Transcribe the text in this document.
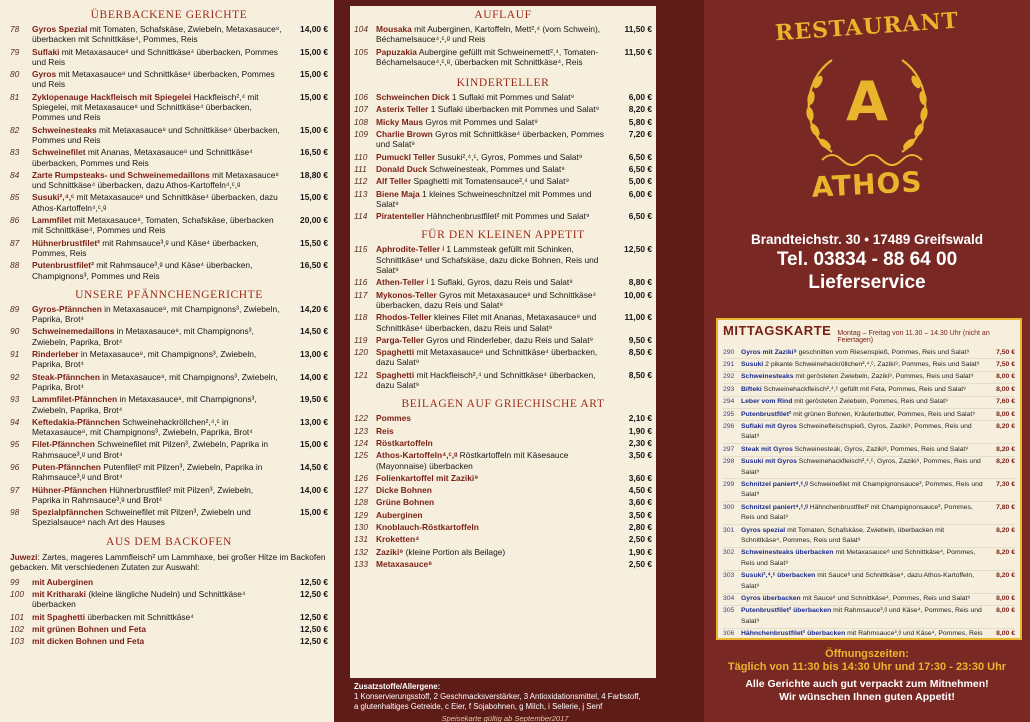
ÜBERBACKENE GERICHTE
78	Gyros Spezial mit Tomaten, Schafskäse, Zwiebeln, Metaxasauce⁸, überbacken mit Schnittkäse⁴, Pommes, Reis
14,00 €
79	Suflaki mit Metaxasauce⁸ und Schnittkäse⁴ überbacken, Pommes und Reis
15,00 €
80	Gyros mit Metaxasauce⁸ und Schnittkäse⁴ überbacken, Pommes und Reis
15,00 €
81	Zyklopenauge Hackfleisch mit Spiegelei Hackfleisch²,⁴ mit Spiegelei, mit Metaxasauce⁸ und Schnittkäse⁴ überbacken, Pommes und Reis
15,00 €
82	Schweinesteaks mit Metaxasauce⁸ und Schnittkäse⁴ überbacken, Pommes und Reis
15,00 €
83	Schweinefilet mit Ananas, Metaxasauce⁸ und Schnittkäse⁴ überbacken, Pommes und Reis
16,50 €
84	Zarte Rumpsteaks- und Schweinemedaillons mit Metaxasauce⁸ und Schnittkäse⁴ überbacken, dazu Athos-Kartoffeln⁴,ᶜ,ᵍ
18,80 €
85	Susuki²,⁴,ᶜ mit Metaxasauce⁸ und Schnittkäse⁴ überbacken, dazu Athos-Kartoffeln⁴,ᶜ,ᵍ
15,00 €
86	Lammfilet mit Metaxasauce⁸, Tomaten, Schafskäse, überbacken mit Schnittkäse⁴, Pommes und Reis
20,00 €
87	Hühnerbrustfilet² mit Rahmsauce³,ᵍ und Käse⁴ überbacken, Pommes, Reis
15,50 €
88	Putenbrustfilet² mit Rahmsauce³,ᵍ und Käse⁴ überbacken, Champignons³, Pommes und Reis
16,50 €
UNSERE PFÄNNCHENGERICHTE
89	Gyros-Pfännchen in Metaxasauce⁸, mit Champignons³, Zwiebeln, Paprika, Brot⁴
14,20 €
90	Schweinemedaillons in Metaxasauce⁸, mit Champignons³, Zwiebeln, Paprika, Brot⁴
14,50 €
91	Rinderleber in Metaxasauce⁸, mit Champignons³, Zwiebeln, Paprika, Brot⁴
13,00 €
92	Steak-Pfännchen in Metaxasauce⁸, mit Champignons³, Zwiebeln, Paprika, Brot⁴
14,00 €
93	Lammfilet-Pfännchen in Metaxasauce⁸, mit Champignons³, Zwiebeln, Paprika, Brot⁴
19,50 €
94	Keftedakia-Pfännchen Schweinehackröllchen²,⁴,ᶜ in Metaxasauce⁸, mit Champignons³, Zwiebeln, Paprika, Brot⁴
13,00 €
95	Filet-Pfännchen Schweinefilet mit Pilzen³, Zwiebeln, Paprika in Rahmsauce³,ᵍ und Brot⁴
15,00 €
96	Puten-Pfännchen Putenfilet² mit Pilzen³, Zwiebeln, Paprika in Rahmsauce³,ᵍ und Brot⁴
14,50 €
97	Hühner-Pfännchen Hühnerbrustfilet² mit Pilzen³, Zwiebeln, Paprika in Rahmsauce³,ᵍ und Brot⁴
14,00 €
98	Spezialpfännchen Schweinefilet mit Pilzen³, Zwiebeln und Spezialsauce⁸ nach Art des Hauses
15,00 €
AUS DEM BACKOFEN
Juwezi: Zartes, mageres Lammfleisch² um Lammhaxe, bei großer Hitze im Backofen gebacken. Mit verschiedenen Zutaten zur Auswahl:
99	mit Auberginen	12,50 €
100 mit Kritharaki (kleine längliche Nudeln) und Schnittkäse⁴ überbacken
12,50 €
101 mit Spaghetti überbacken mit Schnittkäse⁴	12,50 €
102 mit grünen Bohnen und Feta	12,50 €
103 mit dicken Bohnen und Feta	12,50 €
AUFLAUF
104 Mousaka mit Auberginen, Kartoffeln, Mett²,⁴ (vom Schwein), Béchamelsauce⁴,ᶜ,ᵍ und Reis
11,50 €
105 Papuzakia Aubergine gefüllt mit Schweinemett²,⁴, Tomaten-Béchamelsauce⁴,ᶜ,ᵍ, überbacken mit Schnittkäse⁴, Reis
11,50 €
KINDERTELLER
106 Schweinchen Dick 1 Suflaki mit Pommes und Salat⁹	6,00 €
107 Asterix Teller 1 Suflaki überbacken mit Pommes und Salat⁹	8,20 €
108 Micky Maus Gyros mit Pommes und Salat⁹	5,80 €
109 Charlie Brown Gyros mit Schnittkäse⁴ überbacken, Pommes und Salat⁹
7,20 €
110	Pumuckl Teller Susuki²,⁴,ᶜ, Gyros, Pommes und Salat⁹	6,50 €
111	Donald Duck Schweinesteak, Pommes und Salat⁹	6,50 €
112	Alf Teller Spaghetti mit Tomatensauce²,⁴ und Salat⁹	5,00 €
113	Biene Maja 1 kleines Schweineschnitzel mit Pommes und Salat⁹
6,00 €
114	Piratenteller Hähnchenbrustfilet² mit Pommes und Salat⁹	6,50 €
FÜR DEN KLEINEN APPETIT
115	Aphrodite-Teller ʲ 1 Lammsteak gefüllt mit Schinken, Schnittkäse⁴ und Schafskäse, dazu dicke Bohnen, Reis und Salat⁹
12,50 €
116	Athen-Teller ʲ 1 Suflaki, Gyros, dazu Reis und Salat⁹	8,80 €
117	Mykonos-Teller Gyros mit Metaxasauce⁸ und Schnittkäse⁴ überbacken, dazu Reis und Salat⁹
10,00 €
118	Rhodos-Teller kleines Filet mit Ananas, Metaxasauce⁸ und Schnittkäse⁴ überbacken, dazu Reis und Salat⁹
11,00 €
119	Parga-Teller Gyros und Rinderleber, dazu Reis und Salat⁹	9,50 €
120 Spaghetti mit Metaxasauce⁸ und Schnittkäse⁴ überbacken, dazu Salat⁹
8,50 €
121 Spaghetti mit Hackfleisch²,⁴ und Schnittkäse⁴ überbacken, dazu Salat⁹
8,50 €
BEILAGEN AUF GRIECHISCHE ART
122 Pommes	2,10 €
123 Reis	1,90 €
124 Röstkartoffeln	2,30 €
125 Athos-Kartoffeln⁴,ᶜ,ᵍ Röstkartoffeln mit Käsesauce (Mayonnaise) überbacken
3,50 €
126 Folienkartoffel mit Zaziki⁹	3,60 €
127 Dicke Bohnen	4,50 €
128 Grüne Bohnen	3,60 €
129 Auberginen	3,50 €
130 Knoblauch-Röstkartoffeln	2,80 €
131 Kroketten⁴	2,50 €
132 Zaziki⁹ (kleine Portion als Beilage)	1,90 €
133 Metaxasauce⁸	2,50 €
Zusatzstoffe/Allergene:
1 Konservierungsstoff, 2 Geschmacksverstärker, 3 Antioxidationsmittel, 4 Farbstoff,
a glutenhaltiges Getreide, c Eier, f Sojabohnen, g Milch, i Sellerie, j Senf
Speisekarte gültig ab September2017
RESTAURANT
A
ATHOS
Brandteichstr. 30 • 17489 Greifswald
Tel. 03834 - 88 64 00
Lieferservice
MITTAGSKARTE Montag – Freitag von 11.30 – 14.30 Uhr (nicht an Feiertagen)
290 Gyros mit Zaziki⁹ geschnitten vom Riesenspieß, Pommes, Reis und Salat⁹	7,50 €
291 Susuki 2 pikante Schweinehackröllchen²,⁴,ᶜ, Zaziki⁹, Pommes, Reis und Salat⁹	7,50 €
292 Schweinesteaks mit gerösteten Zwiebeln, Zaziki⁹, Pommes, Reis und Salat⁹	8,00 €
293 Bifteki Schweinehackfleisch²,⁴,ᶜ gefüllt mit Feta, Pommes, Reis und Salat⁹	8,00 €
294 Leber vom Rind mit gerösteten Zwiebeln, Pommes, Reis und Salat⁹	7,60 €
295 Putenbrustfilet² mit grünen Bohnen, Kräuterbutter, Pommes, Reis und Salat⁹	8,00 €
296 Suflaki mit Gyros Schweinefleischspieß, Gyros, Zaziki⁹, Pommes, Reis und Salat⁹
8,20 €
297 Steak mit Gyros Schweinesteak, Gyros, Zaziki⁹, Pommes, Reis und Salat⁹	8,20 €
298 Susuki mit Gyros Schweinehackfleisch²,⁴,ᶜ, Gyros, Zaziki⁹, Pommes, Reis und Salat⁹
8,20 €
299 Schnitzel paniert⁴,ᶜ,ᵍ Schweinefilet mit Champignonsauce³, Pommes, Reis und Salat⁹
7,30 €
300 Schnitzel paniert⁴,ᶜ,ᵍ Hähnchenbrustfilet² mit Champignonsauce³, Pommes, Reis und Salat⁹
7,80 €
301 Gyros spezial mit Tomaten, Schafskäse, Zwiebeln, überbacken mit Schnittkäse⁴, Pommes, Reis und Salat⁹
8,20 €
302 Schweinesteaks überbacken mit Metaxasauce⁸ und Schnittkäse⁴, Pommes, Reis und Salat⁹
8,20 €
303 Susuki²,⁴,ᶜ überbacken mit Sauce⁸ und Schnittkäse⁴, dazu Athos-Kartoffeln, Salat⁹
8,20 €
304 Gyros überbacken mit Sauce⁸ und Schnittkäse⁴, Pommes, Reis und Salat⁹	8,00 €
305 Putenbrustfilet² überbacken mit Rahmsauce³,ᵍ und Käse⁴, Pommes, Reis und Salat⁹
8,00 €
306 Hähnchenbrustfilet² überbacken mit Rahmsauce³,ᵍ und Käse⁴, Pommes, Reis	8,00 €
Öffnungszeiten:
Täglich von 11:30 bis 14:30 Uhr und 17:30 - 23:30 Uhr
Alle Gerichte auch gut verpackt zum Mitnehmen!
Wir wünschen Ihnen guten Appetit!
